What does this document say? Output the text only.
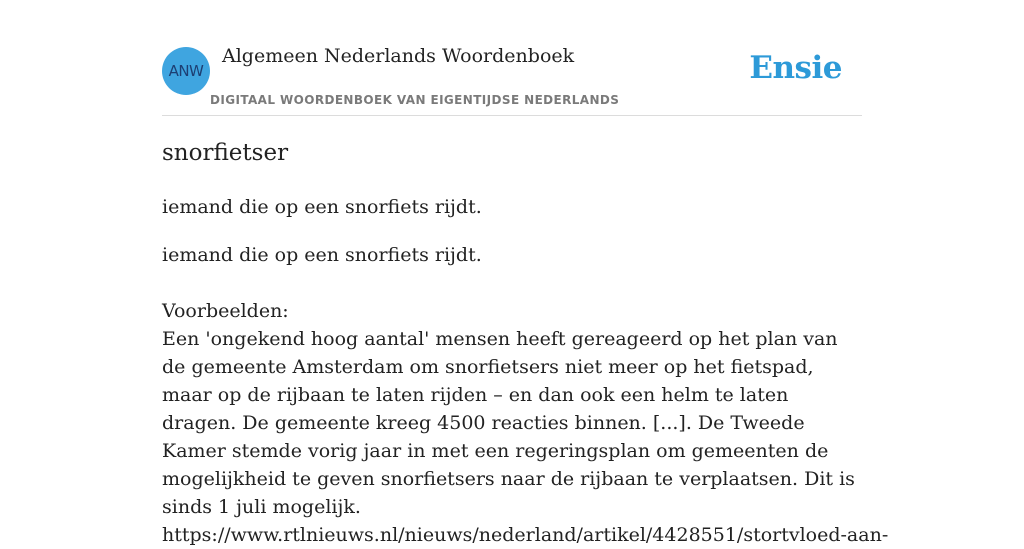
ANW
Algemeen Nederlands Woordenboek
DIGITAAL WOORDENBOEK VAN EIGENTIJDSE NEDERLANDS
Ensie
snorfietser
iemand die op een snorfiets rijdt.

iemand die op een snorfiets rijdt.

Voorbeelden:

Een 'ongekend hoog aantal' mensen heeft gereageerd op het plan van de gemeente Amsterdam om snorfietsers niet meer op het fietspad, maar op de rijbaan te laten rijden – en dan ook een helm te laten dragen. De gemeente kreeg 4500 reacties binnen. [...]. De Tweede Kamer stemde vorig jaar in met een regeringsplan om gemeenten de mogelijkheid te geven snorfietsers naar de rijbaan te verplaatsen. Dit is sinds 1 juli mogelijk.

https://www.rtlnieuws.nl/nieuws/nederland/artikel/4428551/stortvloed-aan-
